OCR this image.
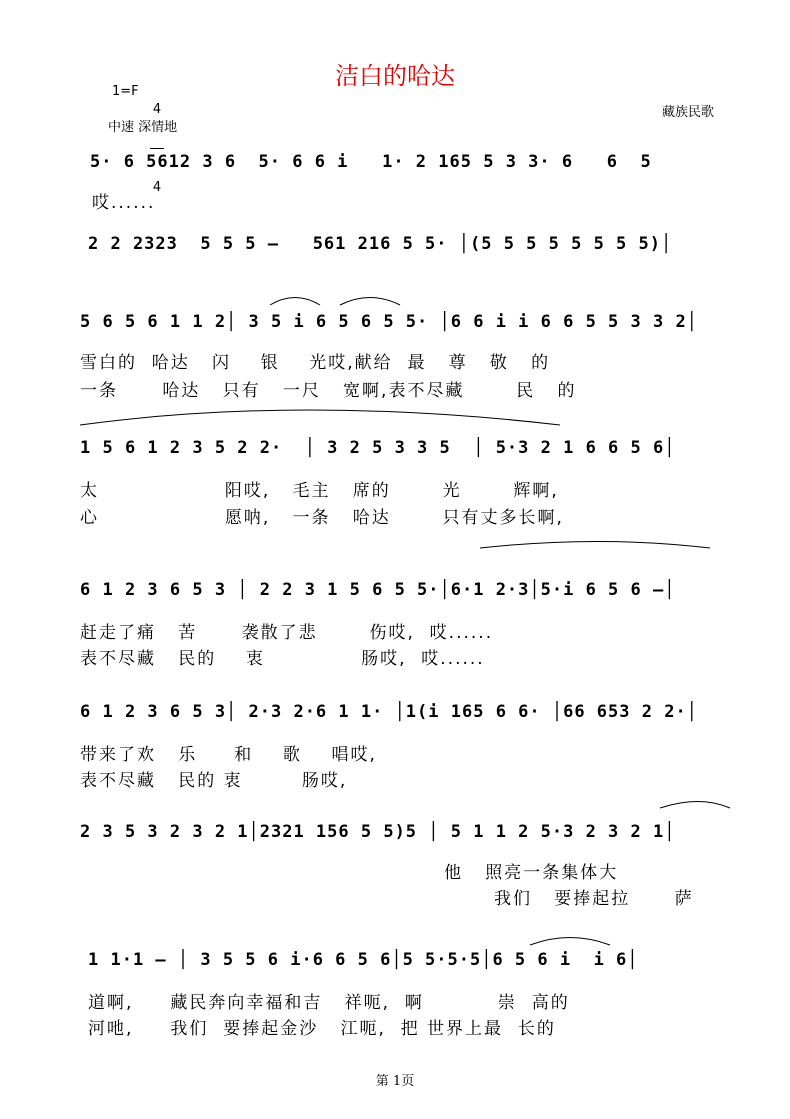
洁白的哈达
1=F

4

4

中速 深情地
藏族民歌
5· 6 5612 3 6  5· 6 6 i   1· 2 165 5 3 3· 6   6  5
哎......
2 2 2323  5 5 5 –   561 216 5 5· │(5 5 5 5 5 5 5 5)│
5 6 5 6 1 1 2│ 3 5 i 6 5 6 5 5· │6 6 i i 6 6 5 5 3 3 2│
雪白的  哈达   闪    银    光哎,献给  最   尊   敬   的
一条      哈达   只有   一尺   宽啊,表不尽藏       民   的
1 5 6 1 2 3 5 2 2·  │ 3 2 5 3 3 5  │ 5·3 2 1 6 6 5 6│
太                 阳哎,   毛主   席的       光       辉啊,
心                 愿呐,   一条   哈达       只有丈多长啊,
6 1 2 3 6 5 3 │ 2 2 3 1 5 6 5 5·│6·1 2·3│5·i 6 5 6 –│
赶走了痛   苦      袭散了悲       伤哎,  哎......
表不尽藏   民的    衷             肠哎,  哎......
6 1 2 3 6 5 3│ 2·3 2·6 1 1· │1(i 165 6 6· │66 653 2 2·│
带来了欢   乐     和    歌    唱哎,
表不尽藏   民的 衷        肠哎,
2 3 5 3 2 3 2 1│2321 156 5 5)5 │ 5 1 1 2 5·3 2 3 2 1│
他   照亮一条集体大
我们   要捧起拉      萨
1 1·1 – │ 3 5 5 6 i·6 6 5 6│5 5·5·5│6 5 6 i  i 6│
道啊,     藏民奔向幸福和吉   祥呃,  啊          崇  高的
河吔,     我们  要捧起金沙   江呃,  把 世界上最  长的
第 1页
